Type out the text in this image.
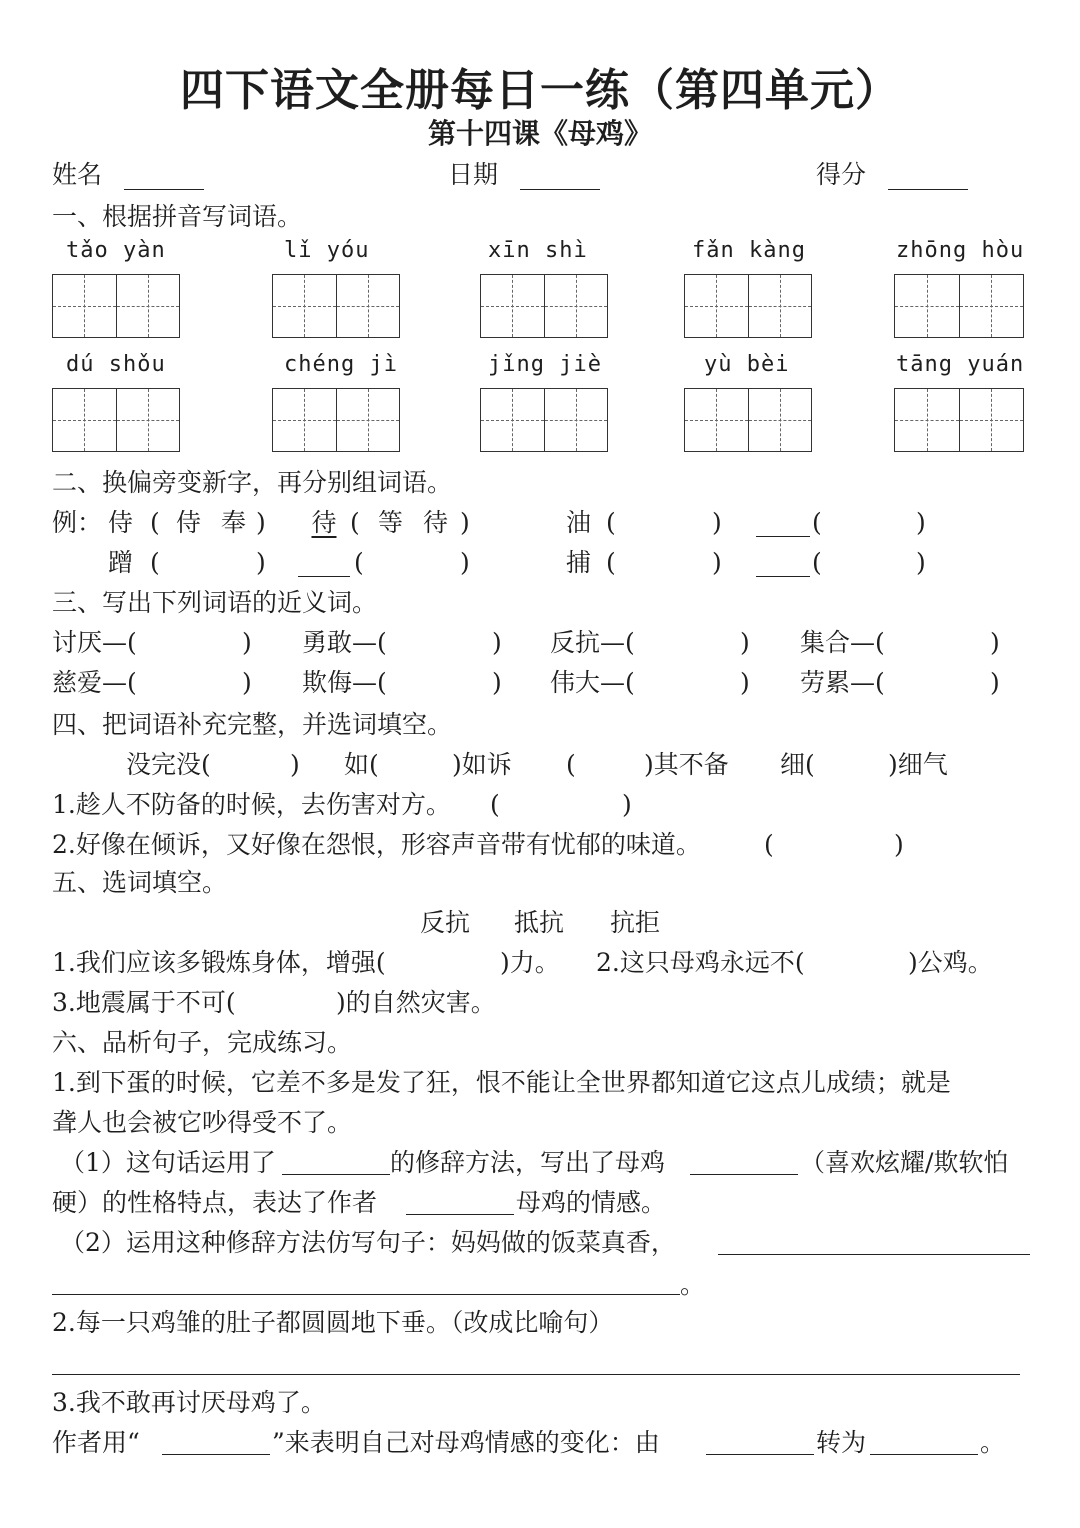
四下语文全册每日一练（第四单元）
第十四课《母鸡》
姓名	日期	得分
一、根据拼音写词语。
tǎo yàn	lǐ yóu	xīn shì	fǎn kàng	zhōng hòu
dú shǒu	chéng jì	jǐng jiè	yù bèi	tāng yuán
二、换偏旁变新字，再分别组词语。
例： 侍 ( 侍 奉 )	待 ( 等 待 )	油 (	)	(	)
蹭 (	)	(	)	捕 (	)	(	)
三、写出下列词语的近义词。
讨厌—(	) 勇敢—(	) 反抗—(	) 集合—(	)
慈爱—(	) 欺侮—(	) 伟大—(	) 劳累—(	)
四、把词语补充完整，并选词填空。
没完没(	) 如(	)如诉 (	)其不备 细(	)细气
1.趁人不防备的时候，去伤害对方。 (	)
2.好像在倾诉，又好像在怨恨，形容声音带有忧郁的味道。	(	)
五、选词填空。
反抗 抵抗 抗拒
1.我们应该多锻炼身体，增强(	)力。 2.这只母鸡永远不(	)公鸡。
3.地震属于不可(	)的自然灾害。
六、品析句子，完成练习。
1.到下蛋的时候，它差不多是发了狂，恨不能让全世界都知道它这点儿成绩；就是
聋人也会被它吵得受不了。
（1）这句话运用了	的修辞方法，写出了母鸡	（喜欢炫耀/欺软怕
硬）的性格特点，表达了作者	母鸡的情感。
（2）运用这种修辞方法仿写句子：妈妈做的饭菜真香，
。
2.每一只鸡雏的肚子都圆圆地下垂。（改成比喻句）
3.我不敢再讨厌母鸡了。
作者用“	”来表明自己对母鸡情感的变化：由	转为	。
